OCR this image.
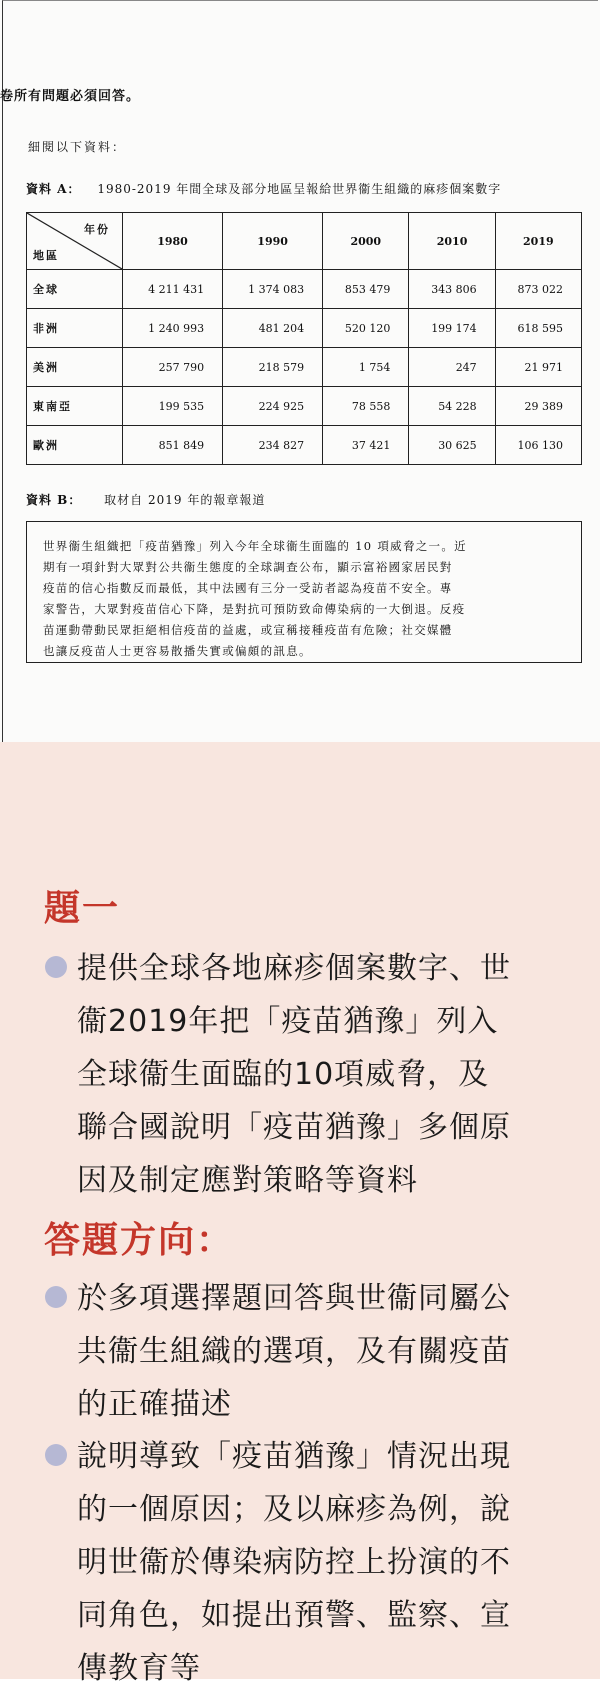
卷所有問題必須回答。
細閱以下資料：
資料 A： 1980-2019 年間全球及部分地區呈報給世界衞生組織的麻疹個案數字
年份
地區	1980	1990	2000	2010	2019
全球	4 211 431	1 374 083	853 479	343 806	873 022
非洲	1 240 993	481 204	520 120	199 174	618 595
美洲	257 790	218 579	1 754	247	21 971
東南亞	199 535	224 925	78 558	54 228	29 389
歐洲	851 849	234 827	37 421	30 625	106 130
資料 B： 取材自 2019 年的報章報道
世界衞生組織把「疫苗猶豫」列入今年全球衞生面臨的 10 項威脅之一。近
期有一項針對大眾對公共衞生態度的全球調查公布，顯示富裕國家居民對
疫苗的信心指數反而最低，其中法國有三分一受訪者認為疫苗不安全。專
家警告，大眾對疫苗信心下降，是對抗可預防致命傳染病的一大倒退。反疫
苗運動帶動民眾拒絕相信疫苗的益處，或宣稱接種疫苗有危險；社交媒體
也讓反疫苗人士更容易散播失實或偏頗的訊息。
題一
提供全球各地麻疹個案數字、世
衞2019年把「疫苗猶豫」列入
全球衞生面臨的10項威脅，及
聯合國說明「疫苗猶豫」多個原
因及制定應對策略等資料
答題方向：
於多項選擇題回答與世衞同屬公
共衞生組織的選項，及有關疫苗
的正確描述
說明導致「疫苗猶豫」情況出現
的一個原因；及以麻疹為例，說
明世衞於傳染病防控上扮演的不
同角色，如提出預警、監察、宣
傳教育等
